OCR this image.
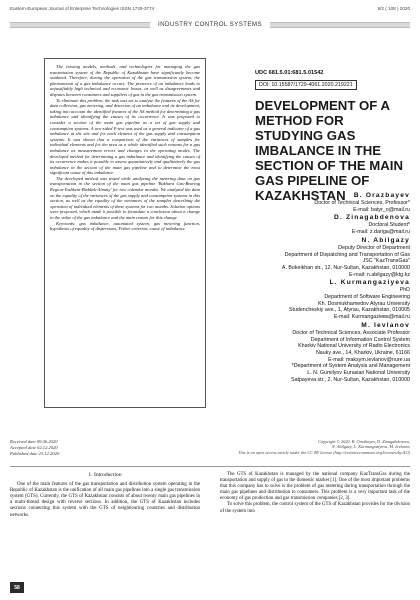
Eastern-European Journal of Enterprise Technologies ISSN 1729-3774	6/2 ( 108 ) 2020
INDUSTRY CONTROL SYSTEMS

The existing models, methods, and technologies for managing the gas transmission system of the Republic of Kazakhstan have significantly become outdated. Therefore, during the operation of the gas transmission system, the phenomenon of a gas imbalance occurs. The presence of an imbalance leads to unjustifiably high technical and economic losses, as well as disagreements and disputes between consumers and suppliers of gas in the gas transmission system.

To eliminate this problem, the task was set to analyze the features of the AS for data collection, gas metering, and detection of an imbalance and its development, taking into account the identified features of the AS method for determining a gas imbalance and identifying the causes of its occurrence. It was proposed to consider a section of the main gas pipeline as a set of gas supply and consumption systems. A two-sided F-test was used as a general indicator of a gas imbalance at the site and for each element of the gas supply and consumption systems. It was shown that a comparison of the variances of samples for individual elements and for the area as a whole identified such reasons for a gas imbalance as measurement errors and changes in the operating modes. The developed method for determining a gas imbalance and identifying the causes of its occurrence makes it possible to assess quantitatively and qualitatively the gas imbalance in the section of the main gas pipeline and to determine the most significant cause of this imbalance.

The developed method was tested while analyzing the metering data on gas transportation in the section of the main gas pipeline 'Bukhara Gas-Bearing Region-Tashkent-Bishkek-Almaty' for two calendar months. We analyzed the data on the equality of the variances of the gas supply and consumption systems in this section, as well as the equality of the variances of the samples describing the operation of individual elements of these systems for two months. Solution options were proposed, which made it possible to formulate a conclusion about a change in the value of the gas imbalance and the main reason for this change

Keywords: gas imbalance, automated system, gas metering function, hypothesis of equality of dispersions, Fisher criterion, cause of imbalance

UDC 681.5.01:681.5.01542
DOI: 10.15587/1729-4061.2020.219221
DEVELOPMENT OF A METHOD FOR STUDYING GAS IMBALANCE IN THE SECTION OF THE MAIN GAS PIPELINE OF KAZAKHSTAN	B. Orazbayev
Doctor of Technical Sciences, Professor*
E-mail: batyr_o@mail.ru
D. Zinagabdenova
Doctoral Student*
E-mail: z.dariga@mail.ru
N. Abilgazy
Deputy Director of Department
Department of Dispatching and Transportation of Gas
JSC "KazTransGas"
A. Bokeikhan str., 12, Nur-Sultan, Kazakhstan, 010000
E-mail: n.abilgazy@ktg.kz
L. Kurmangaziyeva
PhD
Department of Software Engineering
Kh. Dosmukhamedov Atyrau University
Studencheskiy ave., 1, Atyrau, Kazakhstan, 010005
E-mail: Kurmangaziева@mail.ru
M. Ievlanov
Doctor of Technical Sciences, Associate Professor
Department of Information Control System
Kharkiv National University of Radio Electronics
Nauky ave., 14, Kharkiv, Ukraine, 61166
E-mail: maksym.ievlanov@nure.ua
*Department of System Analysis and Management
L. N. Gumilyov Eurasian National University
Satpayeva str., 2, Nur-Sultan, Kazakhstan, 010000
Received date 09.06.2020
Accepted date 02.12.2020
Published date 23.12.2020
Copyright © 2020, B. Orazbayev, D. Zinagabdenova,
N. Abilgazy, L. Kurmangaziyeva, M. Ievlanov
This is an open access article under the CC BY license (http://creativecommons.org/licenses/by/4.0)
1. Introduction

One of the main features of the gas transportation and distribution system operating in the Republic of Kazakhstan is the unification of all main gas pipelines into a single gas transmission system (GTS). Currently, the GTS of Kazakhstan consists of about twenty main gas pipelines in a multi-thread design with reverse sections. In addition, the GTS of Kazakhstan includes sections connecting this system with the GTS of neighbouring countries and distribution networks.

The GTS of Kazakhstan is managed by the national company KazTransGas during the transportation and supply of gas to the domestic market [1]. One of the most important problems that this company has to solve is the problem of gas metering during transportation through the main gas pipelines and distribution to consumers. This problem is a very important task of the economy of gas production and gas transmission companies [2, 3].

To solve this problem, the control system of the GTS of Kazakhstan provides for the division of the system into

58
